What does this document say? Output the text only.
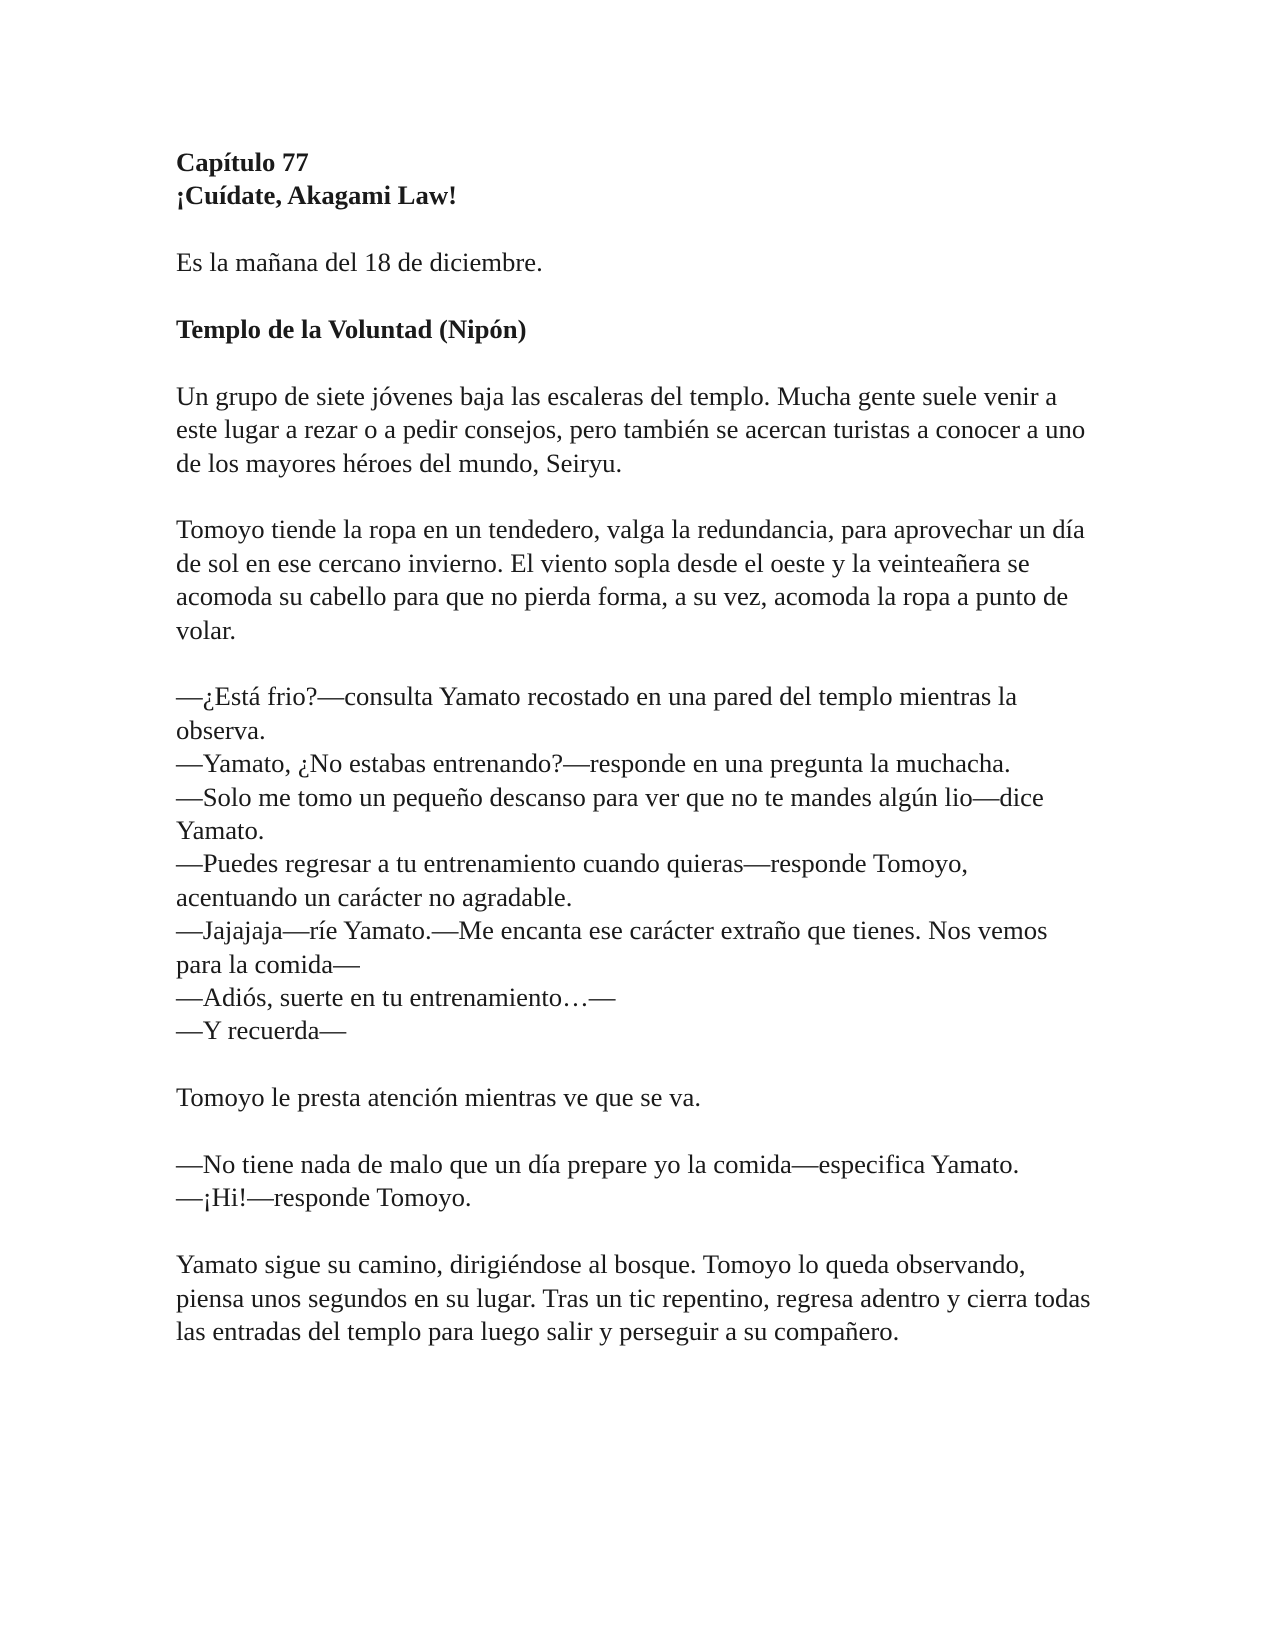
Capítulo 77
¡Cuídate, Akagami Law!

Es la mañana del 18 de diciembre.

Templo de la Voluntad (Nipón)

Un grupo de siete jóvenes baja las escaleras del templo. Mucha gente suele venir a este lugar a rezar o a pedir consejos, pero también se acercan turistas a conocer a uno de los mayores héroes del mundo, Seiryu.

Tomoyo tiende la ropa en un tendedero, valga la redundancia, para aprovechar un día de sol en ese cercano invierno. El viento sopla desde el oeste y la veinteañera se acomoda su cabello para que no pierda forma, a su vez, acomoda la ropa a punto de volar.

—¿Está frio?—consulta Yamato recostado en una pared del templo mientras la observa.
—Yamato, ¿No estabas entrenando?—responde en una pregunta la muchacha.
—Solo me tomo un pequeño descanso para ver que no te mandes algún lio—dice Yamato.
—Puedes regresar a tu entrenamiento cuando quieras—responde Tomoyo, acentuando un carácter no agradable.
—Jajajaja—ríe Yamato.—Me encanta ese carácter extraño que tienes. Nos vemos para la comida—
—Adiós, suerte en tu entrenamiento…—
—Y recuerda—

Tomoyo le presta atención mientras ve que se va.

—No tiene nada de malo que un día prepare yo la comida—especifica Yamato.
—¡Hi!—responde Tomoyo.

Yamato sigue su camino, dirigiéndose al bosque. Tomoyo lo queda observando, piensa unos segundos en su lugar. Tras un tic repentino, regresa adentro y cierra todas las entradas del templo para luego salir y perseguir a su compañero.
